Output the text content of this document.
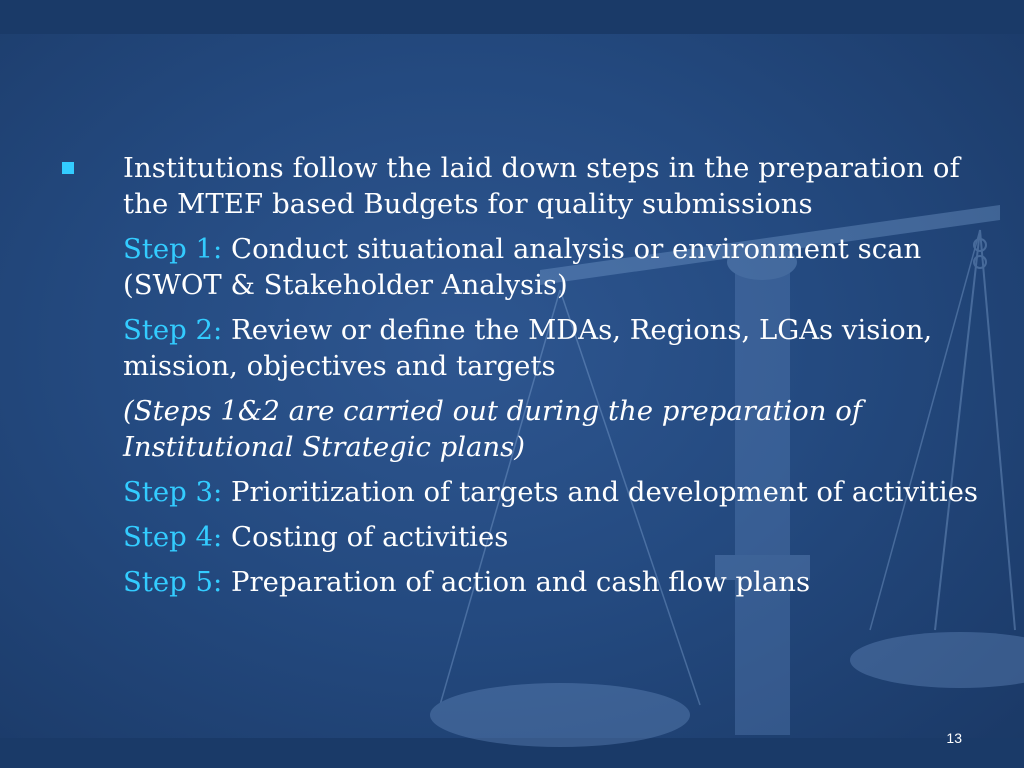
Institutions follow the laid down steps in the preparation of the MTEF based Budgets for quality submissions
Step 1: Conduct situational analysis or environment scan (SWOT & Stakeholder Analysis)
Step 2: Review or define the MDAs, Regions, LGAs vision, mission, objectives and targets
(Steps 1&2 are carried out during the preparation of Institutional Strategic plans)
Step 3: Prioritization of targets and development of activities
Step 4: Costing of activities
Step 5: Preparation of action and cash flow plans
13
